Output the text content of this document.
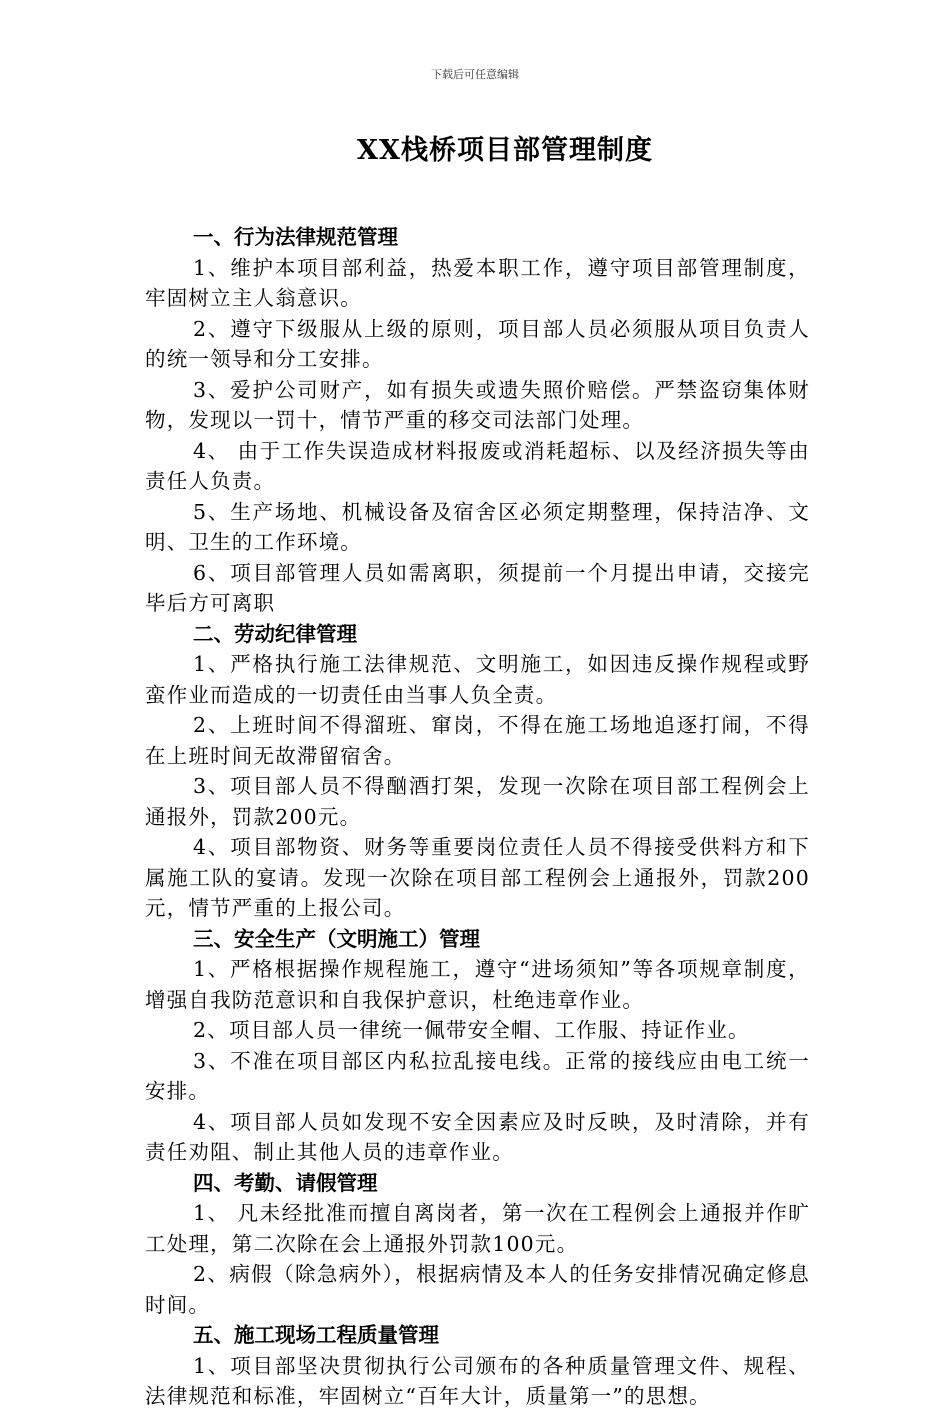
下载后可任意编辑
XX栈桥项目部管理制度
一、行为法律规范管理
1、维护本项目部利益，热爱本职工作，遵守项目部管理制度，牢固树立主人翁意识。
2、遵守下级服从上级的原则，项目部人员必须服从项目负责人的统一领导和分工安排。
3、爱护公司财产，如有损失或遗失照价赔偿。严禁盗窃集体财物，发现以一罚十，情节严重的移交司法部门处理。
4、 由于工作失误造成材料报废或消耗超标、以及经济损失等由责任人负责。
5、生产场地、机械设备及宿舍区必须定期整理，保持洁净、文明、卫生的工作环境。
6、项目部管理人员如需离职，须提前一个月提出申请，交接完毕后方可离职
二、劳动纪律管理
1、严格执行施工法律规范、文明施工，如因违反操作规程或野蛮作业而造成的一切责任由当事人负全责。
2、上班时间不得溜班、窜岗，不得在施工场地追逐打闹，不得在上班时间无故滞留宿舍。
3、项目部人员不得酗酒打架，发现一次除在项目部工程例会上通报外，罚款200元。
4、项目部物资、财务等重要岗位责任人员不得接受供料方和下属施工队的宴请。发现一次除在项目部工程例会上通报外，罚款200元，情节严重的上报公司。
三、安全生产（文明施工）管理
1、严格根据操作规程施工，遵守“进场须知”等各项规章制度，增强自我防范意识和自我保护意识，杜绝违章作业。
2、项目部人员一律统一佩带安全帽、工作服、持证作业。
3、不准在项目部区内私拉乱接电线。正常的接线应由电工统一安排。
4、项目部人员如发现不安全因素应及时反映，及时清除，并有责任劝阻、制止其他人员的违章作业。
四、考勤、请假管理
1、 凡未经批准而擅自离岗者，第一次在工程例会上通报并作旷工处理，第二次除在会上通报外罚款100元。
2、病假（除急病外），根据病情及本人的任务安排情况确定修息时间。
五、施工现场工程质量管理
1、项目部坚决贯彻执行公司颁布的各种质量管理文件、规程、法律规范和标准，牢固树立“百年大计，质量第一”的思想。
